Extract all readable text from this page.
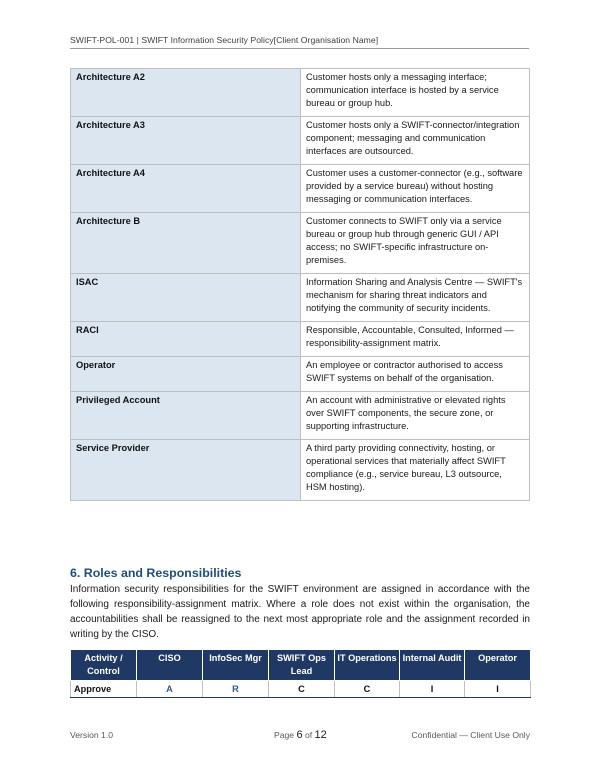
SWIFT-POL-001 | SWIFT Information Security Policy[Client Organisation Name]
Architecture A2	Customer hosts only a messaging interface; communication interface is hosted by a service bureau or group hub.
Architecture A3	Customer hosts only a SWIFT-connector/integration component; messaging and communication interfaces are outsourced.
Architecture A4	Customer uses a customer-connector (e.g., software provided by a service bureau) without hosting messaging or communication interfaces.
Architecture B	Customer connects to SWIFT only via a service bureau or group hub through generic GUI / API access; no SWIFT-specific infrastructure on-premises.
ISAC	Information Sharing and Analysis Centre — SWIFT's mechanism for sharing threat indicators and notifying the community of security incidents.
RACI	Responsible, Accountable, Consulted, Informed — responsibility-assignment matrix.
Operator	An employee or contractor authorised to access SWIFT systems on behalf of the organisation.
Privileged Account	An account with administrative or elevated rights over SWIFT components, the secure zone, or supporting infrastructure.
Service Provider	A third party providing connectivity, hosting, or operational services that materially affect SWIFT compliance (e.g., service bureau, L3 outsource, HSM hosting).
6. Roles and Responsibilities
Information security responsibilities for the SWIFT environment are assigned in accordance with the following responsibility-assignment matrix. Where a role does not exist within the organisation, the accountabilities shall be reassigned to the next most appropriate role and the assignment recorded in writing by the CISO.
Activity / Control	CISO	InfoSec Mgr	SWIFT Ops Lead	IT Operations	Internal Audit	Operator
Approve	A	R	C	C	I	I
Version 1.0	Page 6 of 12	Confidential — Client Use Only
